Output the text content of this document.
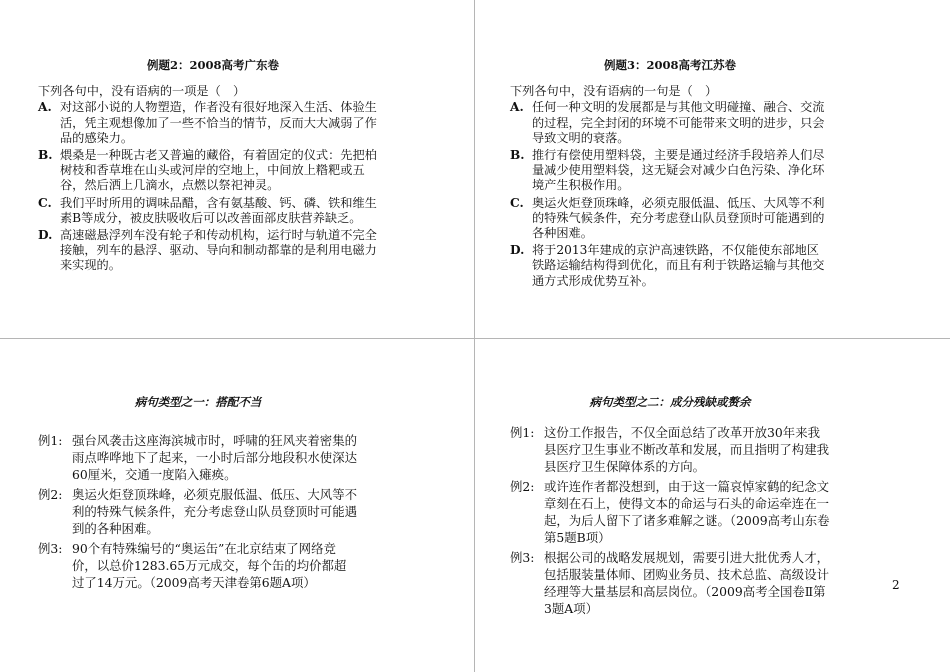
例题2：2008高考广东卷
下列各句中，没有语病的一项是（　）
A. 对这部小说的人物塑造，作者没有很好地深入生活、体验生活，凭主观想像加了一些不恰当的情节，反而大大减弱了作品的感染力。
B. 煨桑是一种既古老又普遍的藏俗，有着固定的仪式：先把柏树枝和香草堆在山头或河岸的空地上，中间放上糌粑或五谷，然后洒上几滴水，点燃以祭祀神灵。
C. 我们平时所用的调味品醋，含有氨基酸、钙、磷、铁和维生素B等成分，被皮肤吸收后可以改善面部皮肤营养缺乏。
D. 高速磁悬浮列车没有轮子和传动机构，运行时与轨道不完全接触，列车的悬浮、驱动、导向和制动都靠的是利用电磁力来实现的。
例题3：2008高考江苏卷
下列各句中，没有语病的一句是（　）
A. 任何一种文明的发展都是与其他文明碰撞、融合、交流的过程，完全封闭的环境不可能带来文明的进步，只会导致文明的衰落。
B. 推行有偿使用塑料袋，主要是通过经济手段培养人们尽量减少使用塑料袋，这无疑会对减少白色污染、净化环境产生积极作用。
C. 奥运火炬登顶珠峰，必须克服低温、低压、大风等不利的特殊气候条件，充分考虑登山队员登顶时可能遇到的各种困难。
D. 将于2013年建成的京沪高速铁路，不仅能使东部地区铁路运输结构得到优化，而且有利于铁路运输与其他交通方式形成优势互补。
病句类型之一：搭配不当
例1: 强台风袭击这座海滨城市时，呼啸的狂风夹着密集的雨点哗哗地下了起来，一小时后部分地段积水使深达60厘米，交通一度陷入瘫痪。
例2: 奥运火炬登顶珠峰，必须克服低温、低压、大风等不利的特殊气候条件，充分考虑登山队员登顶时可能遇到的各种困难。
例3: 90个有特殊编号的“奥运缶”在北京结束了网络竞价，以总价1283.65万元成交，每个缶的均价都超过了14万元。（2009高考天津卷第6题A项）
病句类型之二：成分残缺或赘余
例1: 这份工作报告，不仅全面总结了改革开放30年来我县医疗卫生事业不断改革和发展，而且指明了构建我县医疗卫生保障体系的方向。
例2: 或许连作者都没想到，由于这一篇哀悼家鹤的纪念文章刻在石上，使得文本的命运与石头的命运牵连在一起，为后人留下了诸多难解之谜。（2009高考山东卷第5题B项）
例3: 根据公司的战略发展规划，需要引进大批优秀人才，包括服装量体师、团购业务员、技术总监、高级设计经理等大量基层和高层岗位。（2009高考全国卷Ⅱ第3题A项）
2
